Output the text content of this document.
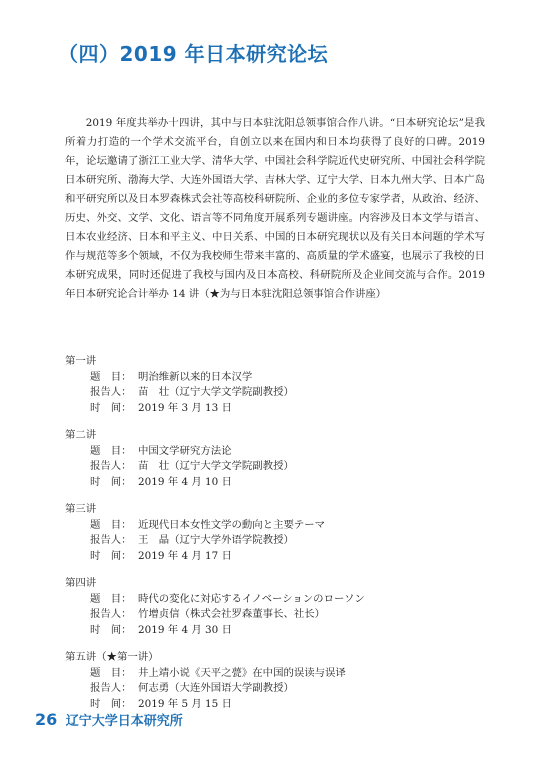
（四）2019 年日本研究论坛

2019 年度共举办十四讲，其中与日本驻沈阳总领事馆合作八讲。“日本研究论坛”是我所着力打造的一个学术交流平台，自创立以来在国内和日本均获得了良好的口碑。2019 年，论坛邀请了浙江工业大学、清华大学、中国社会科学院近代史研究所、中国社会科学院日本研究所、渤海大学、大连外国语大学、吉林大学、辽宁大学、日本九州大学、日本广岛和平研究所以及日本罗森株式会社等高校科研院所、企业的多位专家学者，从政治、经济、历史、外交、文学、文化、语言等不同角度开展系列专题讲座。内容涉及日本文学与语言、日本农业经济、日本和平主义、中日关系、中国的日本研究现状以及有关日本问题的学术写作与规范等多个领域，不仅为我校师生带来丰富的、高质量的学术盛宴，也展示了我校的日本研究成果，同时还促进了我校与国内及日本高校、科研院所及企业间交流与合作。2019 年日本研究论合计举办 14 讲（★为与日本驻沈阳总领事馆合作讲座）

第一讲
题　目： 明治维新以来的日本汉学
报告人： 苗　壮（辽宁大学文学院副教授）
时　间： 2019 年 3 月 13 日
第二讲
题　目： 中国文学研究方法论
报告人： 苗　壮（辽宁大学文学院副教授）
时　间： 2019 年 4 月 10 日
第三讲
题　目： 近现代日本女性文学の動向と主要テーマ
报告人： 王　晶（辽宁大学外语学院教授）
时　间： 2019 年 4 月 17 日
第四讲
题　目： 時代の変化に対応するイノベーションのローソン
报告人： 竹增贞信（株式会社罗森董事长、社长）
时　间： 2019 年 4 月 30 日
第五讲（★第一讲）
题　目： 井上靖小说《天平之甍》在中国的误读与误译
报告人： 何志勇（大连外国语大学副教授）
时　间： 2019 年 5 月 15 日
26 辽宁大学日本研究所
